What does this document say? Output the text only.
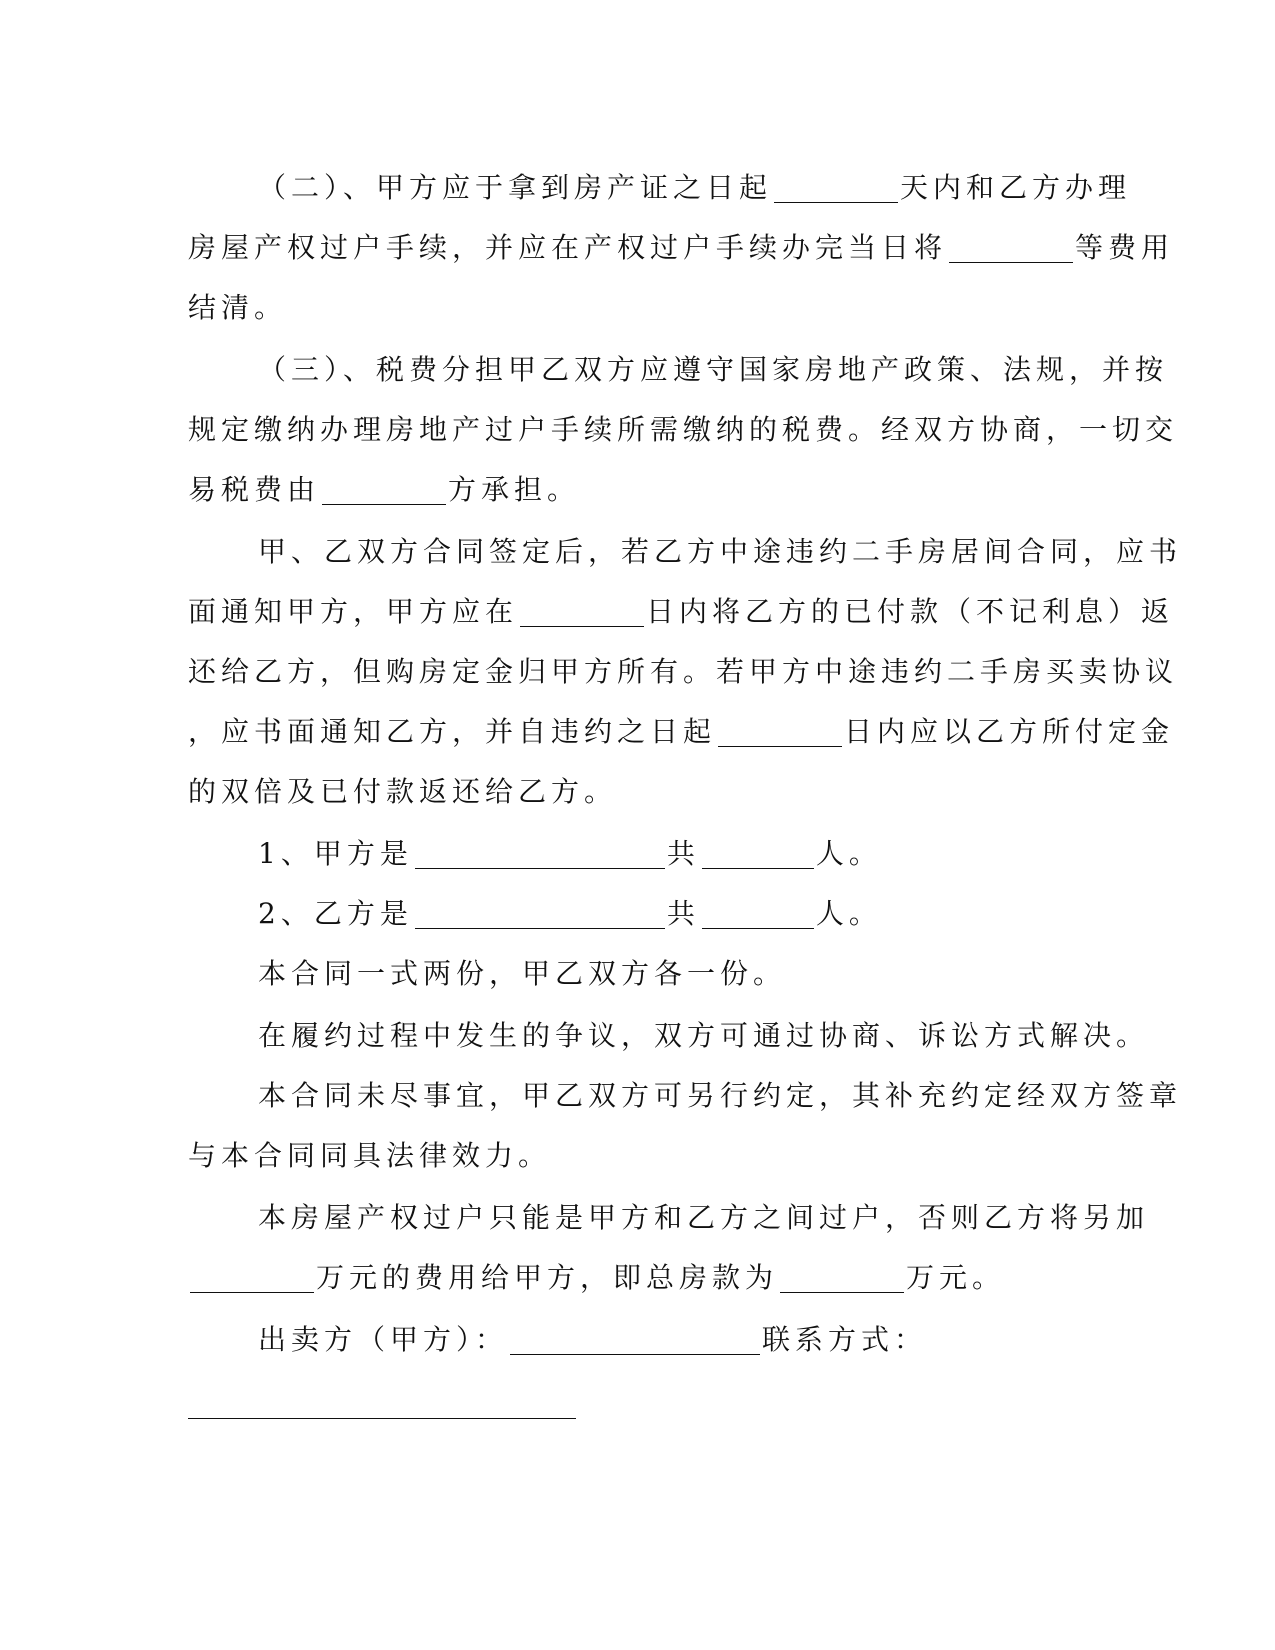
（二）、甲方应于拿到房产证之日起	天内和乙方办理
房屋产权过户手续，并应在产权过户手续办完当日将	等费用
结清。
（三）、税费分担甲乙双方应遵守国家房地产政策、法规，并按
规定缴纳办理房地产过户手续所需缴纳的税费。经双方协商，一切交
易税费由	方承担。
甲、乙双方合同签定后，若乙方中途违约二手房居间合同，应书
面通知甲方，甲方应在	日内将乙方的已付款（不记利息）返
还给乙方，但购房定金归甲方所有。若甲方中途违约二手房买卖协议
，应书面通知乙方，并自违约之日起	日内应以乙方所付定金
的双倍及已付款返还给乙方。
1、甲方是	共	人。
2、乙方是	共	人。
本合同一式两份，甲乙双方各一份。
在履约过程中发生的争议，双方可通过协商、诉讼方式解决。
本合同未尽事宜，甲乙双方可另行约定，其补充约定经双方签章
与本合同同具法律效力。
本房屋产权过户只能是甲方和乙方之间过户，否则乙方将另加
万元的费用给甲方，即总房款为	万元。
出卖方（甲方）：	联系方式：
